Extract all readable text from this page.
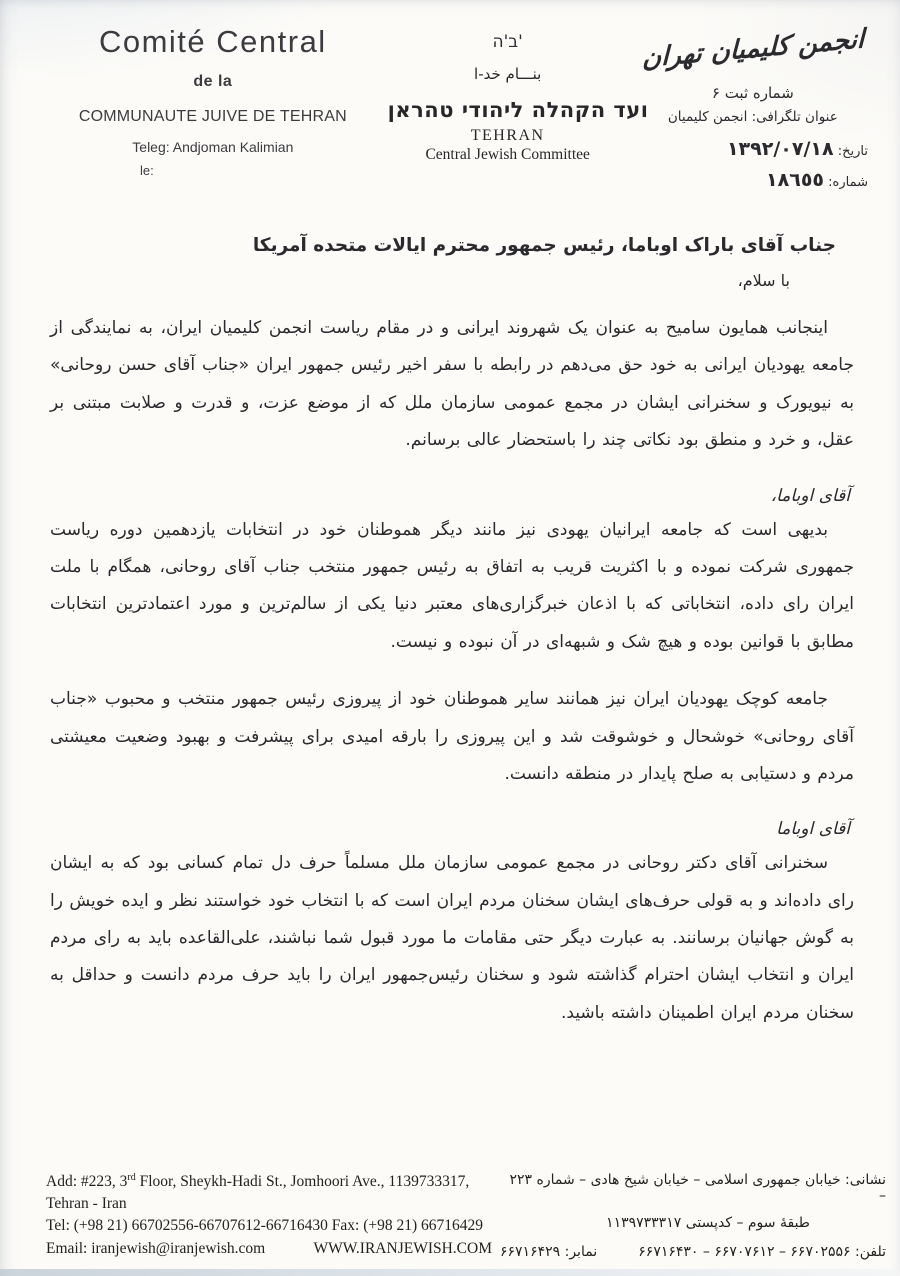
Comité Central
de la
COMMUNAUTE JUIVE DE TEHRAN
Teleg: Andjoman Kalimian
le:
ב'ה'
بنـــام خد-ا
ועד הקהלה ליהודי טהראן
TEHRAN
Central Jewish Committee
انجمن کلیمیان تهران
شماره ثبت ۶
عنوان تلگرافی: انجمن کلیمیان
تاریخ: ۱۳۹۲/۰۷/۱۸
شماره: ١٨٦٥٥
جناب آقای باراک اوباما، رئیس جمهور محترم ایالات متحده آمریکا

با سلام،

اینجانب همایون سامیح به عنوان یک شهروند ایرانی و در مقام ریاست انجمن کلیمیان ایران، به نمایندگی از جامعه یهودیان ایرانی به خود حق می‌دهم در رابطه با سفر اخیر رئیس جمهور ایران «جناب آقای حسن روحانی» به نیویورک و سخنرانی ایشان در مجمع عمومی سازمان ملل که از موضع عزت، و قدرت و صلابت مبتنی بر عقل، و خرد و منطق بود نکاتی چند را باستحضار عالی برسانم.

آقای اوباما،

بدیهی است که جامعه ایرانیان یهودی نیز مانند دیگر هموطنان خود در انتخابات یازدهمین دوره ریاست جمهوری شرکت نموده و با اکثریت قریب به اتفاق به رئیس جمهور منتخب جناب آقای روحانی، همگام با ملت ایران رای داده، انتخاباتی که با اذعان خبرگزاری‌های معتبر دنیا یکی از سالم‌ترین و مورد اعتمادترین انتخابات مطابق با قوانین بوده و هیچ شک و شبهه‌ای در آن نبوده و نیست.

جامعه کوچک یهودیان ایران نیز همانند سایر هموطنان خود از پیروزی رئیس جمهور منتخب و محبوب «جناب آقای روحانی» خوشحال و خوشوقت شد و این پیروزی را بارقه امیدی برای پیشرفت و بهبود وضعیت معیشتی مردم و دستیابی به صلح پایدار در منطقه دانست.

آقای اوباما

سخنرانی آقای دکتر روحانی در مجمع عمومی سازمان ملل مسلماً حرف دل تمام کسانی بود که به ایشان رای داده‌اند و به قولی حرف‌های ایشان سخنان مردم ایران است که با انتخاب خود خواستند نظر و ایده خویش را به گوش جهانیان برسانند. به عبارت دیگر حتی مقامات ما مورد قبول شما نباشند، علی‌القاعده باید به رای مردم ایران و انتخاب ایشان احترام گذاشته شود و سخنان رئیس‌جمهور ایران را باید حرف مردم دانست و حداقل به سخنان مردم ایران اطمینان داشته باشید.

Add: #223, 3rd Floor, Sheykh-Hadi St., Jomhoori Ave., 1139733317,
Tehran - Iran
Tel: (+98 21) 66702556-66707612-66716430 Fax: (+98 21) 66716429
Email: iranjewish@iranjewish.com	WWW.IRANJEWISH.COM
نشانی: خیابان جمهوری اسلامی – خیابان شیخ هادی – شماره ۲۲۳ –
طبقهٔ سوم – کدپستی ۱۱۳۹۷۳۳۳۱۷
تلفن: ۶۶۷۰۲۵۵۶ – ۶۶۷۰۷۶۱۲ – ۶۶۷۱۶۴۳۰
نمابر: ۶۶۷۱۶۴۲۹
